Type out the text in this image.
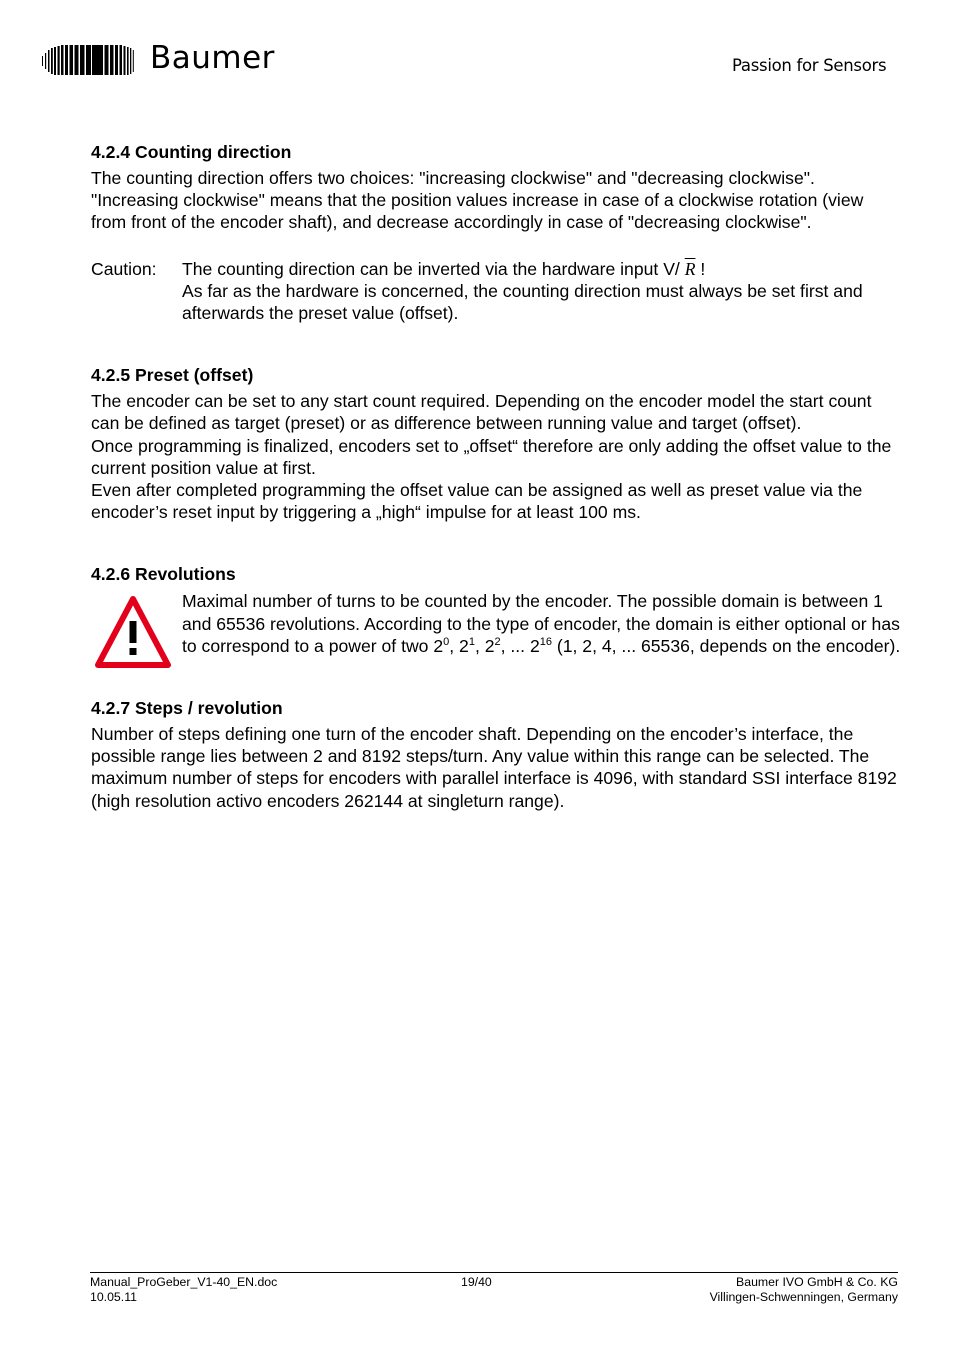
Baumer	Passion for Sensors
4.2.4 Counting direction

The counting direction offers two choices: "increasing clockwise" and "decreasing clockwise". "Increasing clockwise" means that the position values increase in case of a clockwise rotation (view from front of the encoder shaft), and decrease accordingly in case of "decreasing clockwise".

Caution:	The counting direction can be inverted via the hardware input V/ $\overline{R}$ !

As far as the hardware is concerned, the counting direction must always be set first and afterwards the preset value (offset).

4.2.5 Preset (offset)

The encoder can be set to any start count required. Depending on the encoder model the start count can be defined as target (preset) or as difference between running value and target (offset).

Once programming is finalized, encoders set to „offset“ therefore are only adding the offset value to the current position value at first.

Even after completed programming the offset value can be assigned as well as preset value via the encoder’s reset input by triggering a „high“ impulse for at least 100 ms.

4.2.6 Revolutions

Maximal number of turns to be counted by the encoder. The possible domain is between 1 and 65536 revolutions. According to the type of encoder, the domain is either optional or has to correspond to a power of two $2^0$, $2^1$, $2^2$, ... $2^{16}$ (1, 2, 4, ... 65536, depends on the encoder).

4.2.7 Steps / revolution

Number of steps defining one turn of the encoder shaft. Depending on the encoder’s interface, the possible range lies between 2 and 8192 steps/turn. Any value within this range can be selected. The maximum number of steps for encoders with parallel interface is 4096, with standard SSI interface 8192 (high resolution activo encoders 262144 at singleturn range).

Manual_ProGeber_V1-40_EN.doc
10.05.11
19/40	Baumer IVO GmbH & Co. KG
Villingen-Schwenningen, Germany
